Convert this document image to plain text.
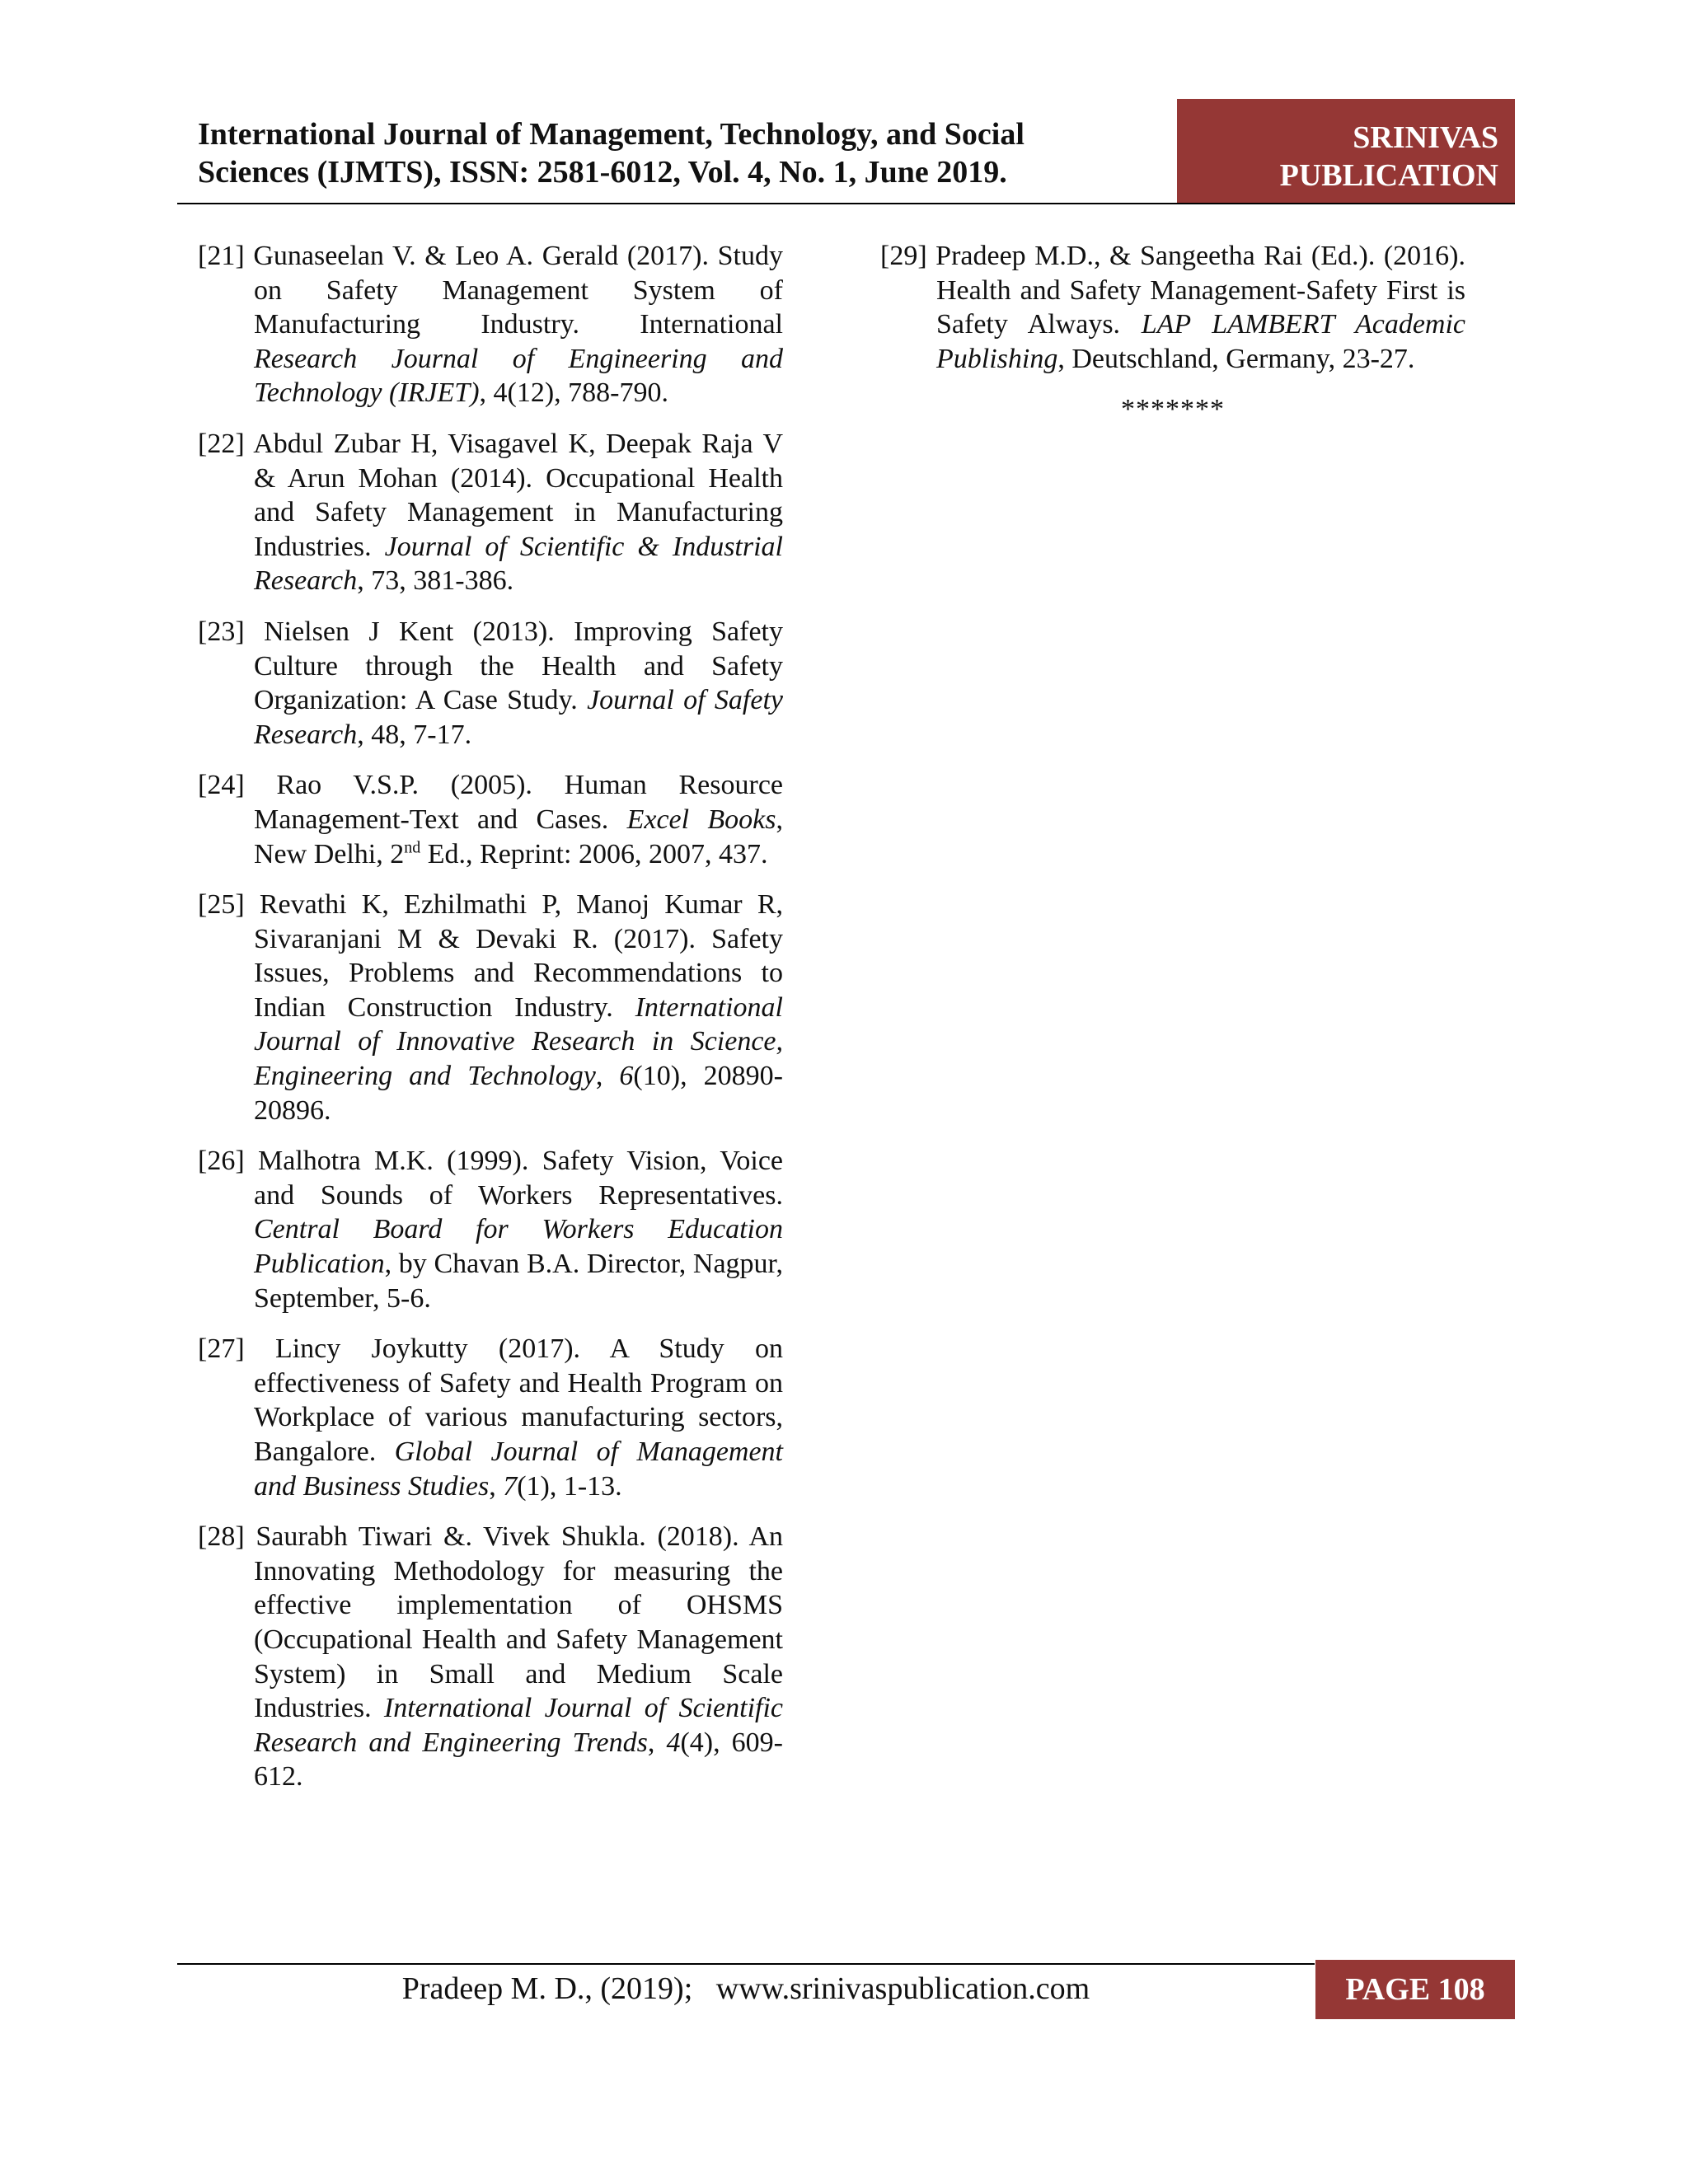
International Journal of Management, Technology, and Social
Sciences (IJMTS), ISSN: 2581-6012, Vol. 4, No. 1, June 2019.
SRINIVAS
PUBLICATION

[21] Gunaseelan V. & Leo A. Gerald (2017). Study on Safety Management System of Manufacturing Industry. International Research Journal of Engineering and Technology (IRJET), 4(12), 788-790.

[22] Abdul Zubar H, Visagavel K, Deepak Raja V & Arun Mohan (2014). Occupational Health and Safety Management in Manufacturing Industries. Journal of Scientific & Industrial Research, 73, 381-386.

[23] Nielsen J Kent (2013). Improving Safety Culture through the Health and Safety Organization: A Case Study. Journal of Safety Research, 48, 7-17.

[24] Rao V.S.P. (2005). Human Resource Management-Text and Cases. Excel Books, New Delhi, 2nd Ed., Reprint: 2006, 2007, 437.

[25] Revathi K, Ezhilmathi P, Manoj Kumar R, Sivaranjani M & Devaki R. (2017). Safety Issues, Problems and Recommendations to Indian Construction Industry. International Journal of Innovative Research in Science, Engineering and Technology, 6(10), 20890-20896.

[26] Malhotra M.K. (1999). Safety Vision, Voice and Sounds of Workers Representatives. Central Board for Workers Education Publication, by Chavan B.A. Director, Nagpur, September, 5-6.

[27] Lincy Joykutty (2017). A Study on effectiveness of Safety and Health Program on Workplace of various manufacturing sectors, Bangalore. Global Journal of Management and Business Studies, 7(1), 1-13.

[28] Saurabh Tiwari &. Vivek Shukla. (2018). An Innovating Methodology for measuring the effective implementation of OHSMS (Occupational Health and Safety Management System) in Small and Medium Scale Industries. International Journal of Scientific Research and Engineering Trends, 4(4), 609-612.

[29] Pradeep M.D., & Sangeetha Rai (Ed.). (2016). Health and Safety Management-Safety First is Safety Always. LAP LAMBERT Academic Publishing, Deutschland, Germany, 23-27.

*******
Pradeep M. D., (2019);   www.srinivaspublication.com	PAGE 108
